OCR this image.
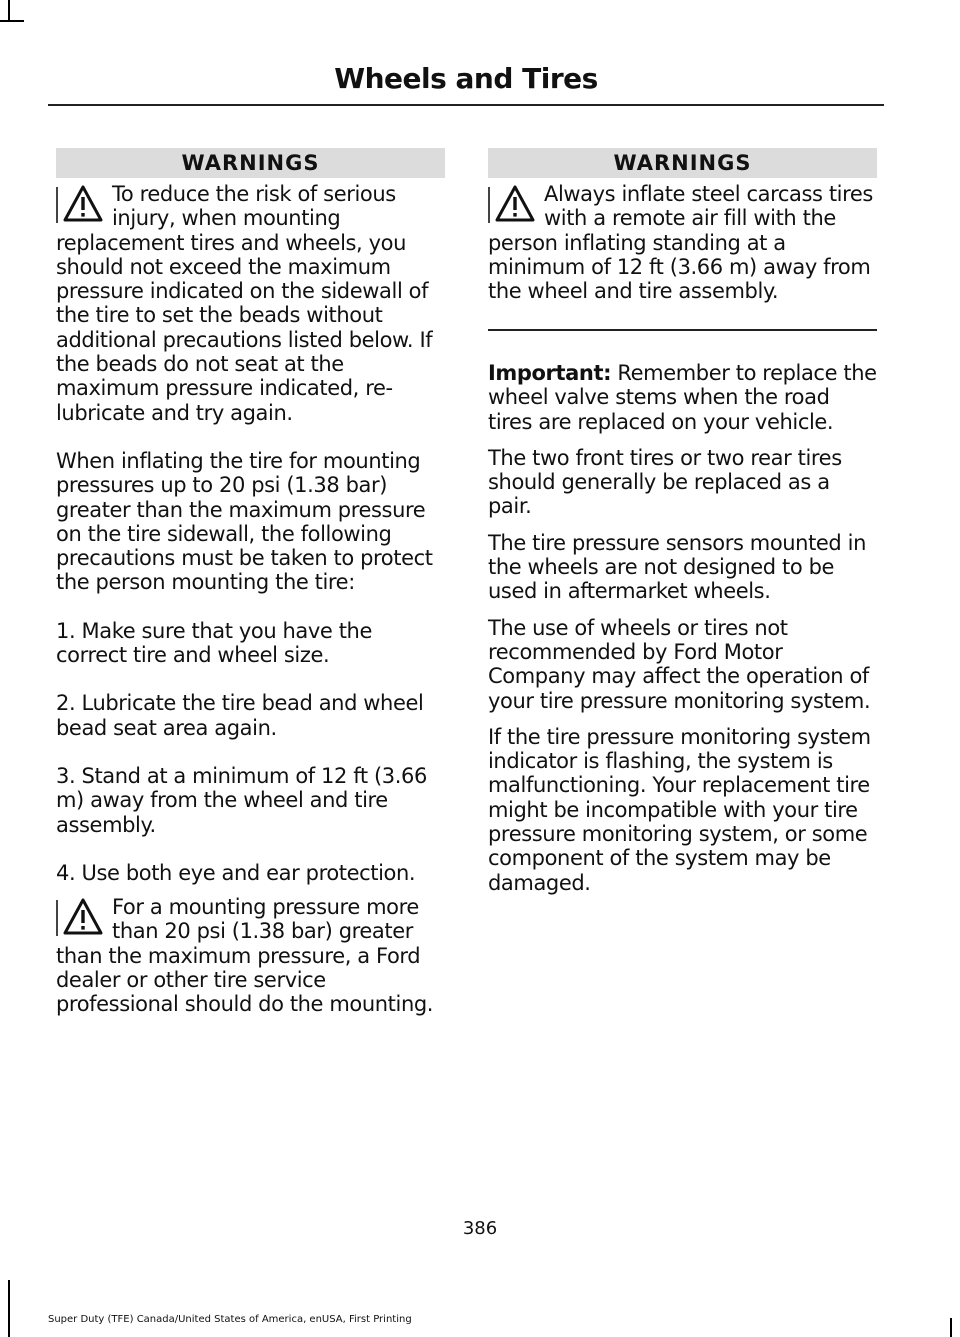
Wheels and Tires
WARNINGS
To reduce the risk of serious injury, when mounting replacement tires and wheels, you should not exceed the maximum pressure indicated on the sidewall of the tire to set the beads without additional precautions listed below. If the beads do not seat at the maximum pressure indicated, re-lubricate and try again.

When inflating the tire for mounting pressures up to 20 psi (1.38 bar) greater than the maximum pressure on the tire sidewall, the following precautions must be taken to protect the person mounting the tire:

1. Make sure that you have the correct tire and wheel size.

2. Lubricate the tire bead and wheel bead seat area again.

3. Stand at a minimum of 12 ft (3.66 m) away from the wheel and tire assembly.

4. Use both eye and ear protection.

For a mounting pressure more than 20 psi (1.38 bar) greater than the maximum pressure, a Ford dealer or other tire service professional should do the mounting.
WARNINGS
Always inflate steel carcass tires with a remote air fill with the person inflating standing at a minimum of 12 ft (3.66 m) away from the wheel and tire assembly.

Important: Remember to replace the wheel valve stems when the road tires are replaced on your vehicle.

The two front tires or two rear tires should generally be replaced as a pair.

The tire pressure sensors mounted in the wheels are not designed to be used in aftermarket wheels.

The use of wheels or tires not recommended by Ford Motor Company may affect the operation of your tire pressure monitoring system.

If the tire pressure monitoring system indicator is flashing, the system is malfunctioning. Your replacement tire might be incompatible with your tire pressure monitoring system, or some component of the system may be damaged.

386
Super Duty (TFE) Canada/United States of America, enUSA, First Printing
